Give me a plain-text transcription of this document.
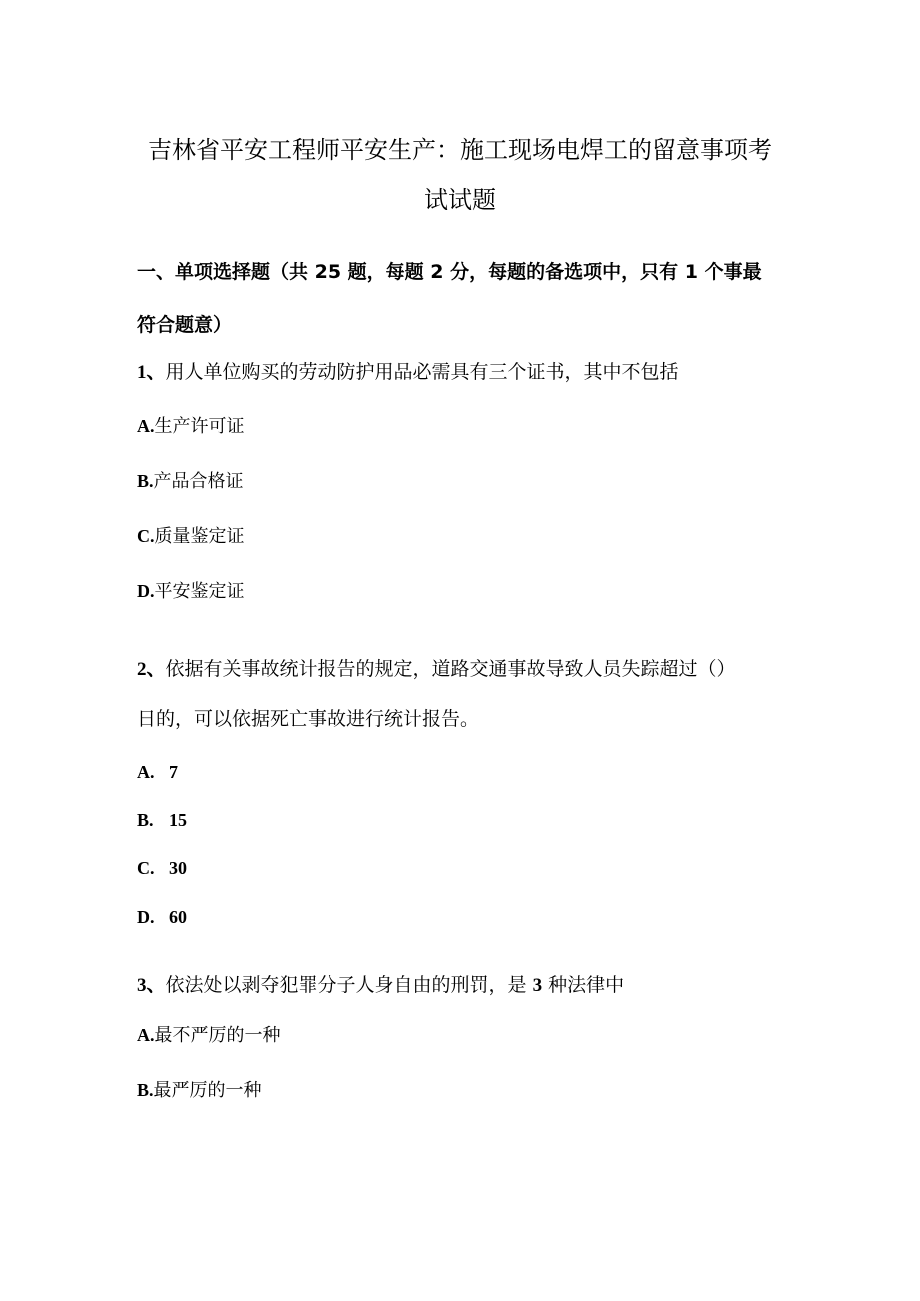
吉林省平安工程师平安生产：施工现场电焊工的留意事项考
试试题
一、单项选择题（共 25 题，每题 2 分，每题的备选项中，只有 1 个事最
符合题意）
1、用人单位购买的劳动防护用品必需具有三个证书，其中不包括
A.生产许可证
B.产品合格证
C.质量鉴定证
D.平安鉴定证
2、依据有关事故统计报告的规定，道路交通事故导致人员失踪超过（）
日的，可以依据死亡事故进行统计报告。
A. 7
B. 15
C. 30
D. 60
3、依法处以剥夺犯罪分子人身自由的刑罚，是 3 种法律中
A.最不严厉的一种
B.最严厉的一种
